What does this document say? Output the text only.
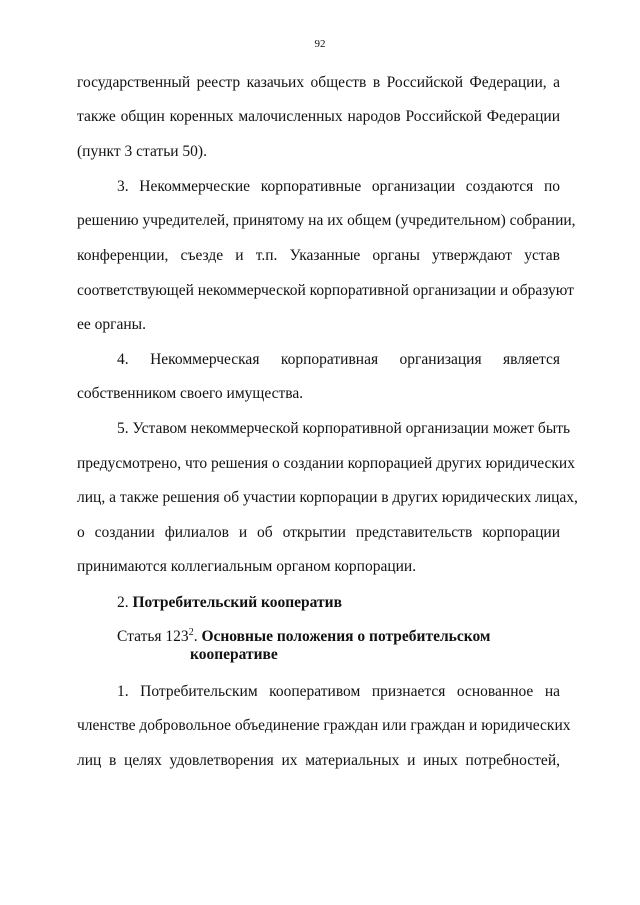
92
государственный реестр казачьих обществ в Российской Федерации, а
также общин коренных малочисленных народов Российской Федерации
(пункт 3 статьи 50).
3. Некоммерческие корпоративные организации создаются по
решению учредителей, принятому на их общем (учредительном) собрании,
конференции, съезде и т.п. Указанные органы утверждают устав
соответствующей некоммерческой корпоративной организации и образуют
ее органы.
4. Некоммерческая корпоративная организация является
собственником своего имущества.
5. Уставом некоммерческой корпоративной организации может быть
предусмотрено, что решения о создании корпорацией других юридических
лиц, а также решения об участии корпорации в других юридических лицах,
о создании филиалов и об открытии представительств корпорации
принимаются коллегиальным органом корпорации.
2. Потребительский кооператив
Статья $123^2$. Основные положения о потребительском
кооперативе
1. Потребительским кооперативом признается основанное на
членстве добровольное объединение граждан или граждан и юридических
лиц в целях удовлетворения их материальных и иных потребностей,
